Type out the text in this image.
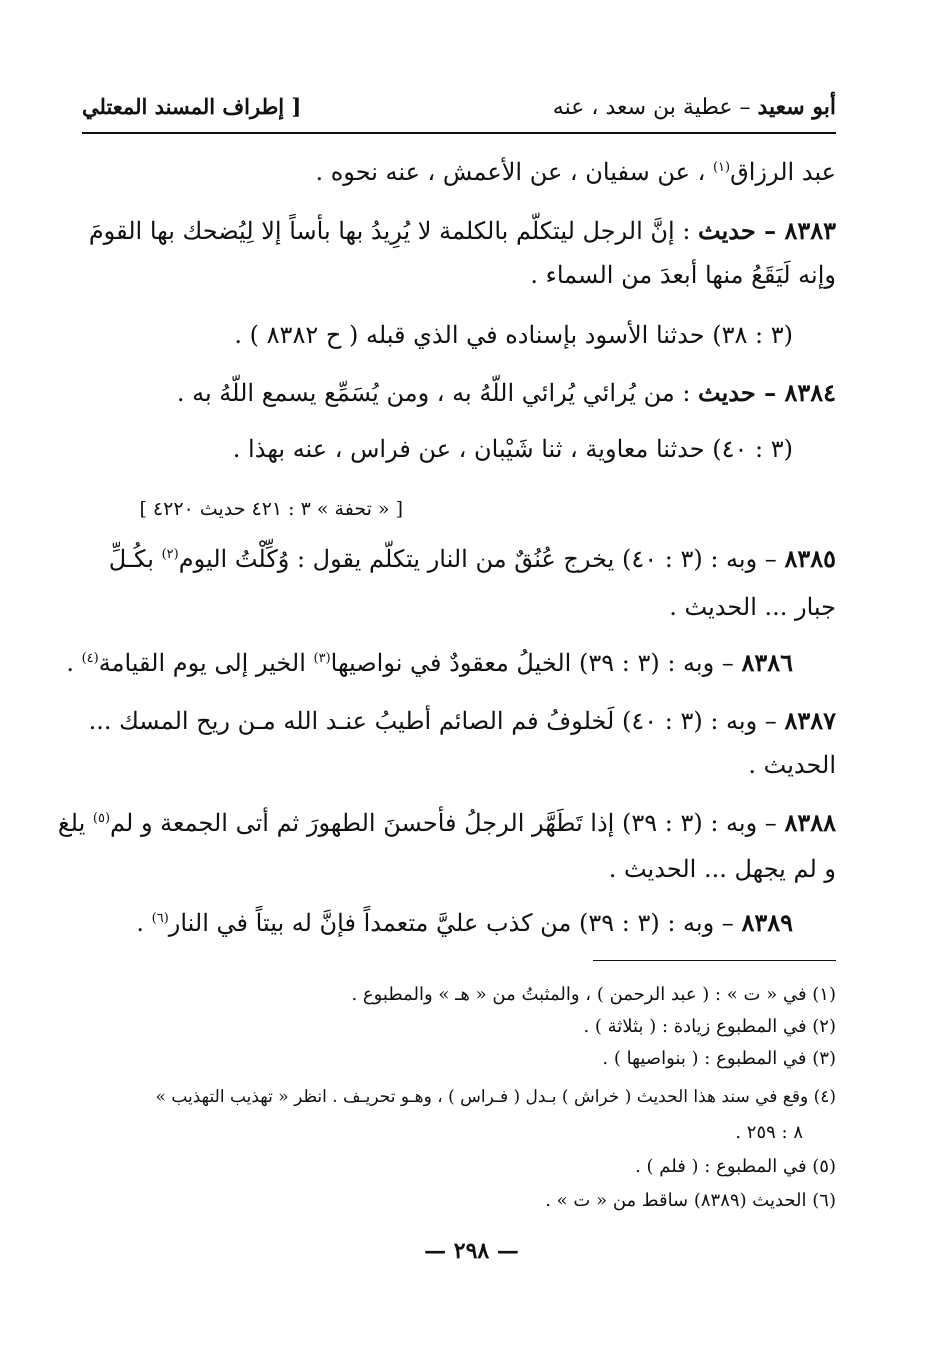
أبو سعيد – عطية بن سعد ، عنه
[ إطراف المسند المعتلي
عبد الرزاق$^{(١)}$ ، عن سفيان ، عن الأعمش ، عنه نحوه .
٨٣٨٣ – حديث : إنَّ الرجل ليتكلّم بالكلمة لا يُرِيدُ بها بأساً إلا لِيُضحك بها القومَ
وإنه لَيَقَعُ منها أبعدَ من السماء .
(٣ : ٣٨) حدثنا الأسود بإسناده في الذي قبله ( ح ٨٣٨٢ ) .
٨٣٨٤ – حديث : من يُرائي يُرائي اللّهُ به ، ومن يُسَمِّع يسمع اللّهُ به .
(٣ : ٤٠) حدثنا معاوية ، ثنا شَيْبان ، عن فراس ، عنه بهذا .
[ « تحفة » ٣ : ٤٢١ حديث ٤٢٢٠ ]
٨٣٨٥ – وبه : (٣ : ٤٠) يخرج عُنُقٌ من النار يتكلّم يقول : وُكِّلْتُ اليوم$^{(٢)}$ بكُـلِّ
جبار ... الحديث .
٨٣٨٦ – وبه : (٣ : ٣٩) الخيلُ معقودٌ في نواصيها$^{(٣)}$ الخير إلى يوم القيامة$^{(٤)}$ .
٨٣٨٧ – وبه : (٣ : ٤٠) لَخلوفُ فم الصائم أطيبُ عنـد الله مـن ريح المسك ...
الحديث .
٨٣٨٨ – وبه : (٣ : ٣٩) إذا تَطَهَّر الرجلُ فأحسنَ الطهورَ ثم أتى الجمعة و لم$^{(٥)}$ يلغ
و لم يجهل ... الحديث .
٨٣٨٩ – وبه : (٣ : ٣٩) من كذب عليَّ متعمداً فإنَّ له بيتاً في النار$^{(٦)}$ .
(١) في « ت » : ( عبد الرحمن ) ، والمثبتُ من « هـ » والمطبوع .
(٢) في المطبوع زيادة : ( بثلاثة ) .
(٣) في المطبوع : ( بنواصيها ) .
(٤) وقع في سند هذا الحديث ( خراش ) بـدل ( فـراس ) ، وهـو تحريـف . انظر « تهذيب التهذيب »
٨ : ٢٥٩ .
(٥) في المطبوع : ( فلم ) .
(٦) الحديث (٨٣٨٩) ساقط من « ت » .
— ٢٩٨ —
